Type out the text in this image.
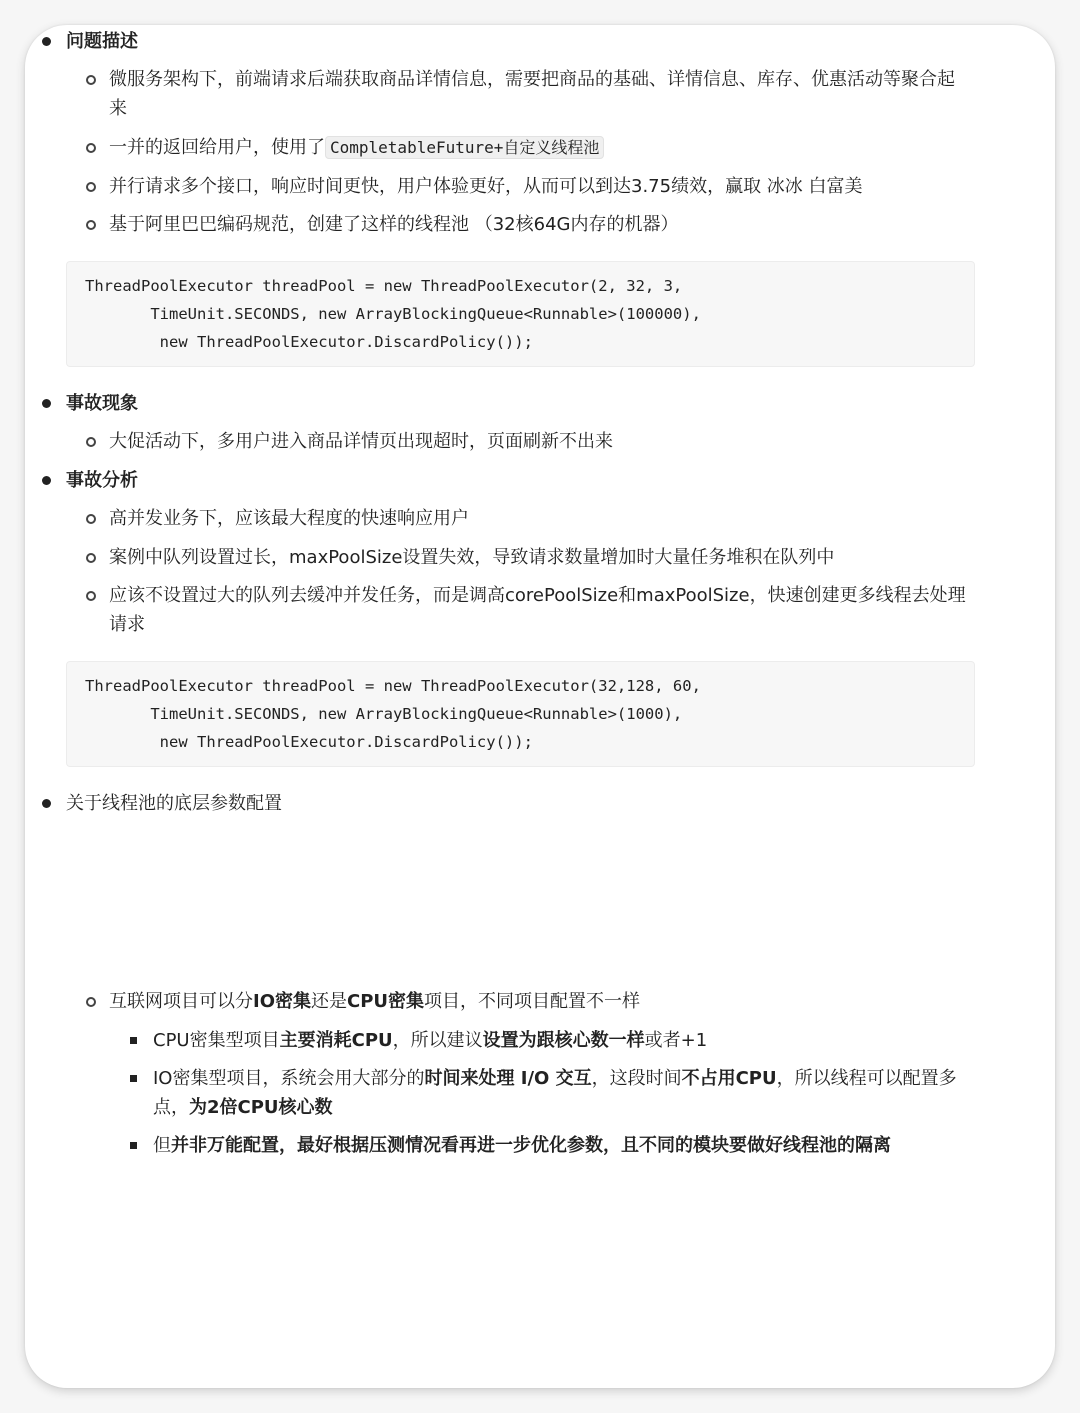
问题描述
微服务架构下，前端请求后端获取商品详情信息，需要把商品的基础、详情信息、库存、优惠活动等聚合起来
一并的返回给用户，使用了 CompletableFuture+自定义线程池
并行请求多个接口，响应时间更快，用户体验更好，从而可以到达3.75绩效，赢取 冰冰 白富美
基于阿里巴巴编码规范，创建了这样的线程池 （32核64G内存的机器）
ThreadPoolExecutor threadPool = new ThreadPoolExecutor(2, 32, 3,
TimeUnit.SECONDS, new ArrayBlockingQueue<Runnable>(100000),
new ThreadPoolExecutor.DiscardPolicy());
事故现象
大促活动下，多用户进入商品详情页出现超时，页面刷新不出来
事故分析
高并发业务下，应该最大程度的快速响应用户
案例中队列设置过长，maxPoolSize设置失效，导致请求数量增加时大量任务堆积在队列中
应该不设置过大的队列去缓冲并发任务，而是调高corePoolSize和maxPoolSize，快速创建更多线程去处理请求
ThreadPoolExecutor threadPool = new ThreadPoolExecutor(32,128, 60,
TimeUnit.SECONDS, new ArrayBlockingQueue<Runnable>(1000),
new ThreadPoolExecutor.DiscardPolicy());
关于线程池的底层参数配置
互联网项目可以分IO密集还是CPU密集项目，不同项目配置不一样
CPU密集型项目主要消耗CPU，所以建议设置为跟核心数一样或者+1
IO密集型项目，系统会用大部分的时间来处理 I/O 交互，这段时间不占用CPU，所以线程可以配置多点，为2倍CPU核心数
但并非万能配置，最好根据压测情况看再进一步优化参数，且不同的模块要做好线程池的隔离
